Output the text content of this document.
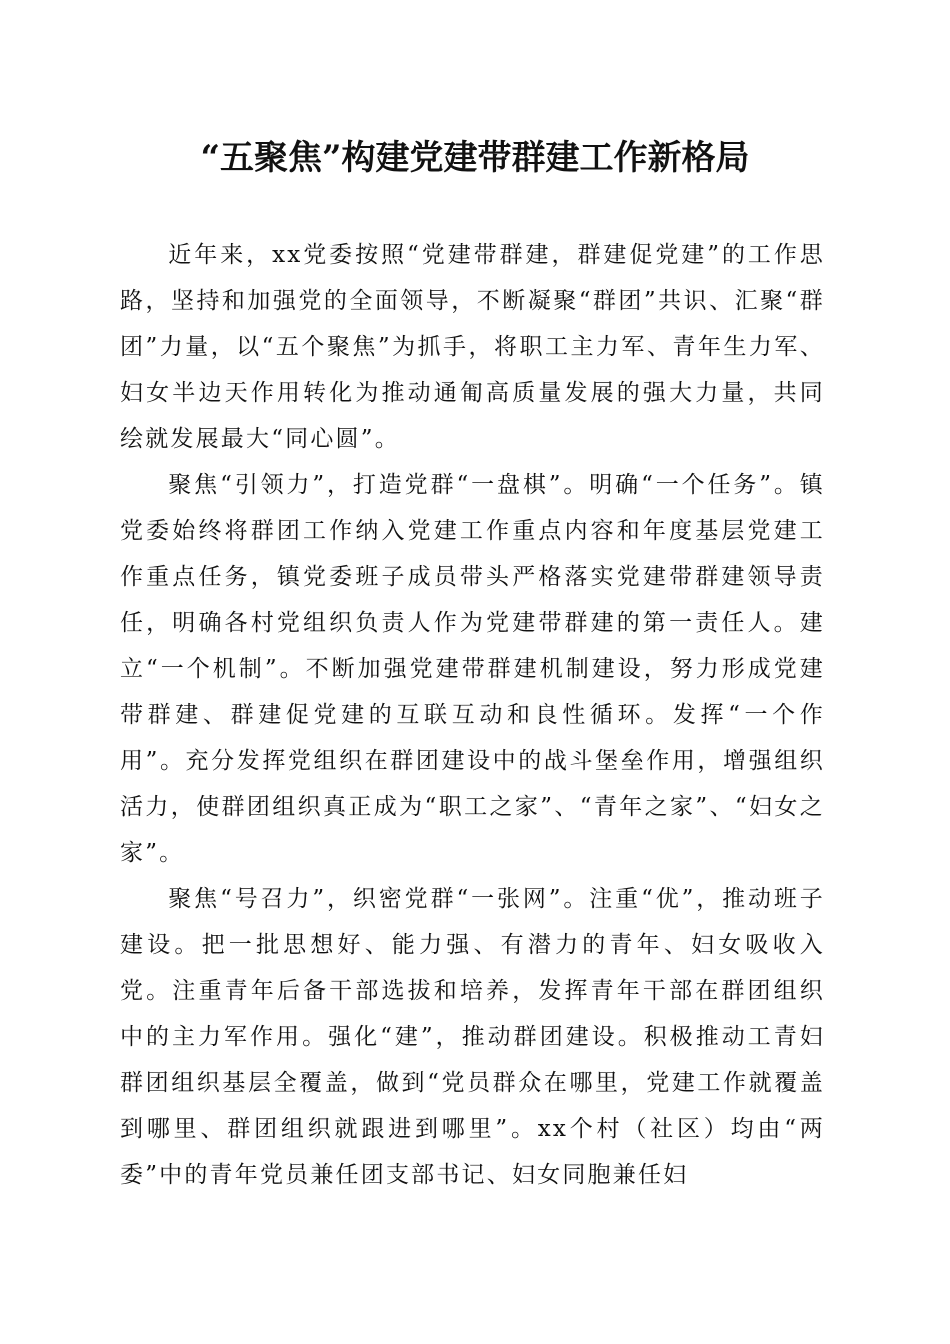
“五聚焦”构建党建带群建工作新格局

近年来，xx党委按照“党建带群建，群建促党建”的工作思路，坚持和加强党的全面领导，不断凝聚“群团”共识、汇聚“群团”力量，以“五个聚焦”为抓手，将职工主力军、青年生力军、妇女半边天作用转化为推动通匍高质量发展的强大力量，共同绘就发展最大“同心圆”。

聚焦“引领力”，打造党群“一盘棋”。明确“一个任务”。镇党委始终将群团工作纳入党建工作重点内容和年度基层党建工作重点任务，镇党委班子成员带头严格落实党建带群建领导责任，明确各村党组织负责人作为党建带群建的第一责任人。建立“一个机制”。不断加强党建带群建机制建设，努力形成党建带群建、群建促党建的互联互动和良性循环。发挥“一个作用”。充分发挥党组织在群团建设中的战斗堡垒作用，增强组织活力，使群团组织真正成为“职工之家”、“青年之家”、“妇女之家”。

聚焦“号召力”，织密党群“一张网”。注重“优”，推动班子建设。把一批思想好、能力强、有潜力的青年、妇女吸收入党。注重青年后备干部选拔和培养，发挥青年干部在群团组织中的主力军作用。强化“建”，推动群团建设。积极推动工青妇群团组织基层全覆盖，做到“党员群众在哪里，党建工作就覆盖到哪里、群团组织就跟进到哪里”。xx个村（社区）均由“两委”中的青年党员兼任团支部书记、妇女同胞兼任妇
